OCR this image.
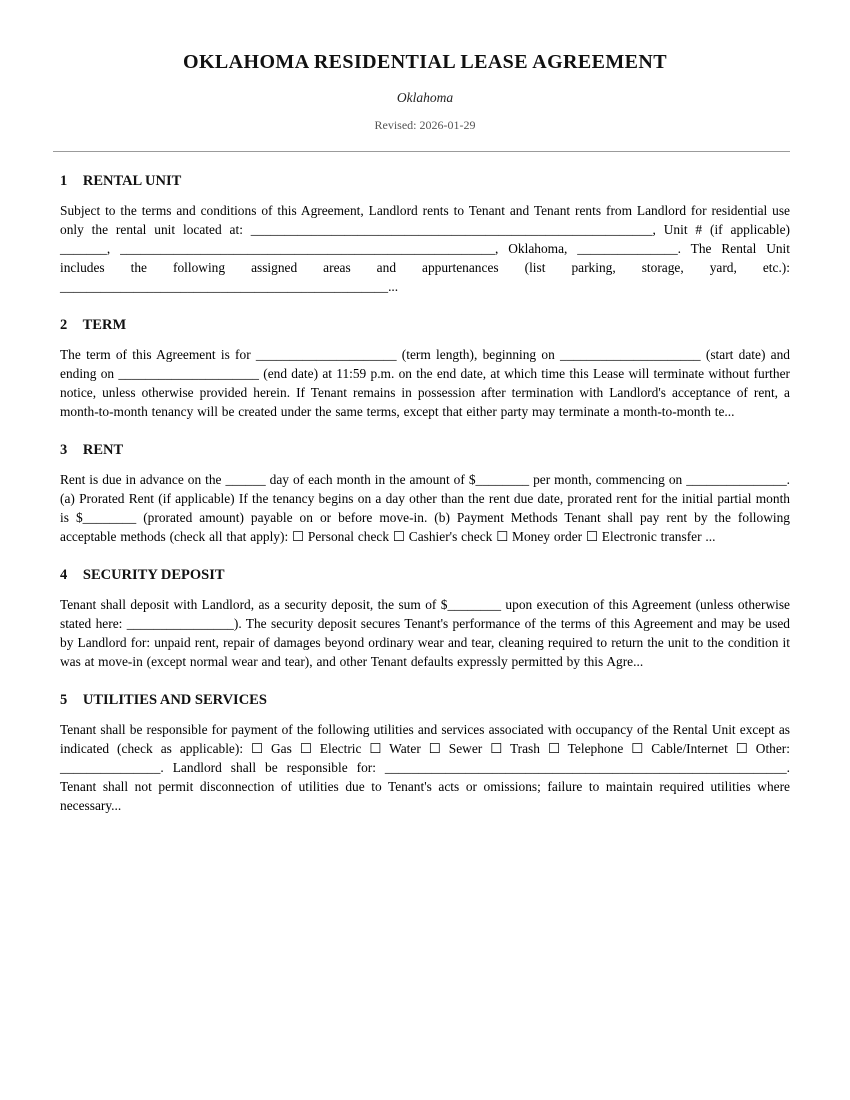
OKLAHOMA RESIDENTIAL LEASE AGREEMENT
Oklahoma
Revised: 2026-01-29
1 RENTAL UNIT

Subject to the terms and conditions of this Agreement, Landlord rents to Tenant and Tenant rents from Landlord for residential use only the rental unit located at: ____________________________________________________________, Unit # (if applicable) _______, ________________________________________________________, Oklahoma, _______________. The Rental Unit includes the following assigned areas and appurtenances (list parking, storage, yard, etc.): _________________________________________________...

2 TERM

The term of this Agreement is for _____________________ (term length), beginning on _____________________ (start date) and ending on _____________________ (end date) at 11:59 p.m. on the end date, at which time this Lease will terminate without further notice, unless otherwise provided herein. If Tenant remains in possession after termination with Landlord's acceptance of rent, a month-to-month tenancy will be created under the same terms, except that either party may terminate a month-to-month te...

3 RENT

Rent is due in advance on the ______ day of each month in the amount of $________ per month, commencing on _______________. (a) Prorated Rent (if applicable) If the tenancy begins on a day other than the rent due date, prorated rent for the initial partial month is $________ (prorated amount) payable on or before move-in. (b) Payment Methods Tenant shall pay rent by the following acceptable methods (check all that apply): ☐ Personal check ☐ Cashier's check ☐ Money order ☐ Electronic transfer ...

4 SECURITY DEPOSIT

Tenant shall deposit with Landlord, as a security deposit, the sum of $________ upon execution of this Agreement (unless otherwise stated here: ________________). The security deposit secures Tenant's performance of the terms of this Agreement and may be used by Landlord for: unpaid rent, repair of damages beyond ordinary wear and tear, cleaning required to return the unit to the condition it was at move-in (except normal wear and tear), and other Tenant defaults expressly permitted by this Agre...

5 UTILITIES AND SERVICES

Tenant shall be responsible for payment of the following utilities and services associated with occupancy of the Rental Unit except as indicated (check as applicable): ☐ Gas ☐ Electric ☐ Water ☐ Sewer ☐ Trash ☐ Telephone ☐ Cable/Internet ☐ Other: _______________. Landlord shall be responsible for: ____________________________________________________________. Tenant shall not permit disconnection of utilities due to Tenant's acts or omissions; failure to maintain required utilities where necessary...
